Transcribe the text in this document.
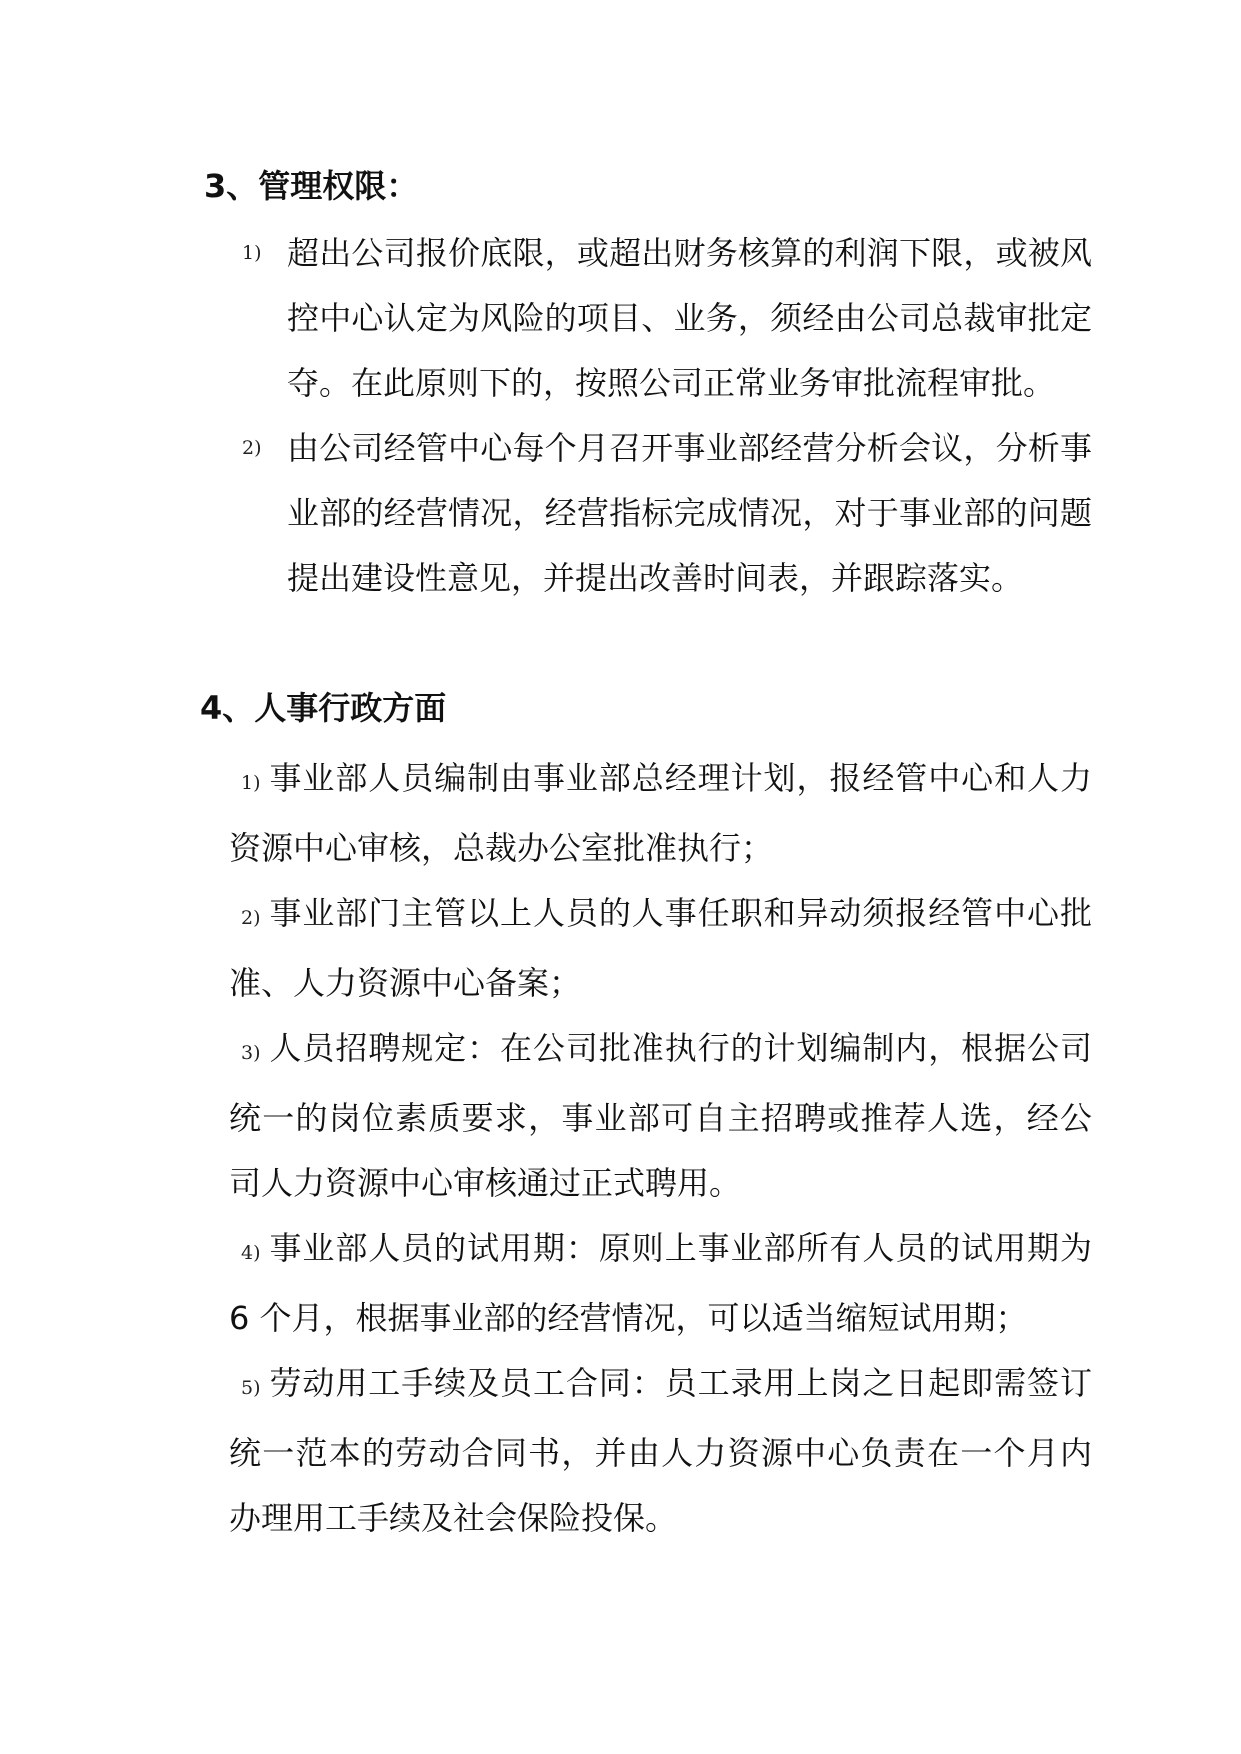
3、管理权限：
1) 超出公司报价底限，或超出财务核算的利润下限，或被风控中心认定为风险的项目、业务，须经由公司总裁审批定夺。在此原则下的，按照公司正常业务审批流程审批。
2) 由公司经管中心每个月召开事业部经营分析会议，分析事业部的经营情况，经营指标完成情况，对于事业部的问题提出建设性意见，并提出改善时间表，并跟踪落实。
4、人事行政方面
1) 事业部人员编制由事业部总经理计划，报经管中心和人力资源中心审核，总裁办公室批准执行；
2) 事业部门主管以上人员的人事任职和异动须报经管中心批准、人力资源中心备案；
3) 人员招聘规定：在公司批准执行的计划编制内，根据公司统一的岗位素质要求，事业部可自主招聘或推荐人选，经公司人力资源中心审核通过正式聘用。
4) 事业部人员的试用期：原则上事业部所有人员的试用期为 6 个月，根据事业部的经营情况，可以适当缩短试用期；
5) 劳动用工手续及员工合同：员工录用上岗之日起即需签订统一范本的劳动合同书，并由人力资源中心负责在一个月内办理用工手续及社会保险投保。
